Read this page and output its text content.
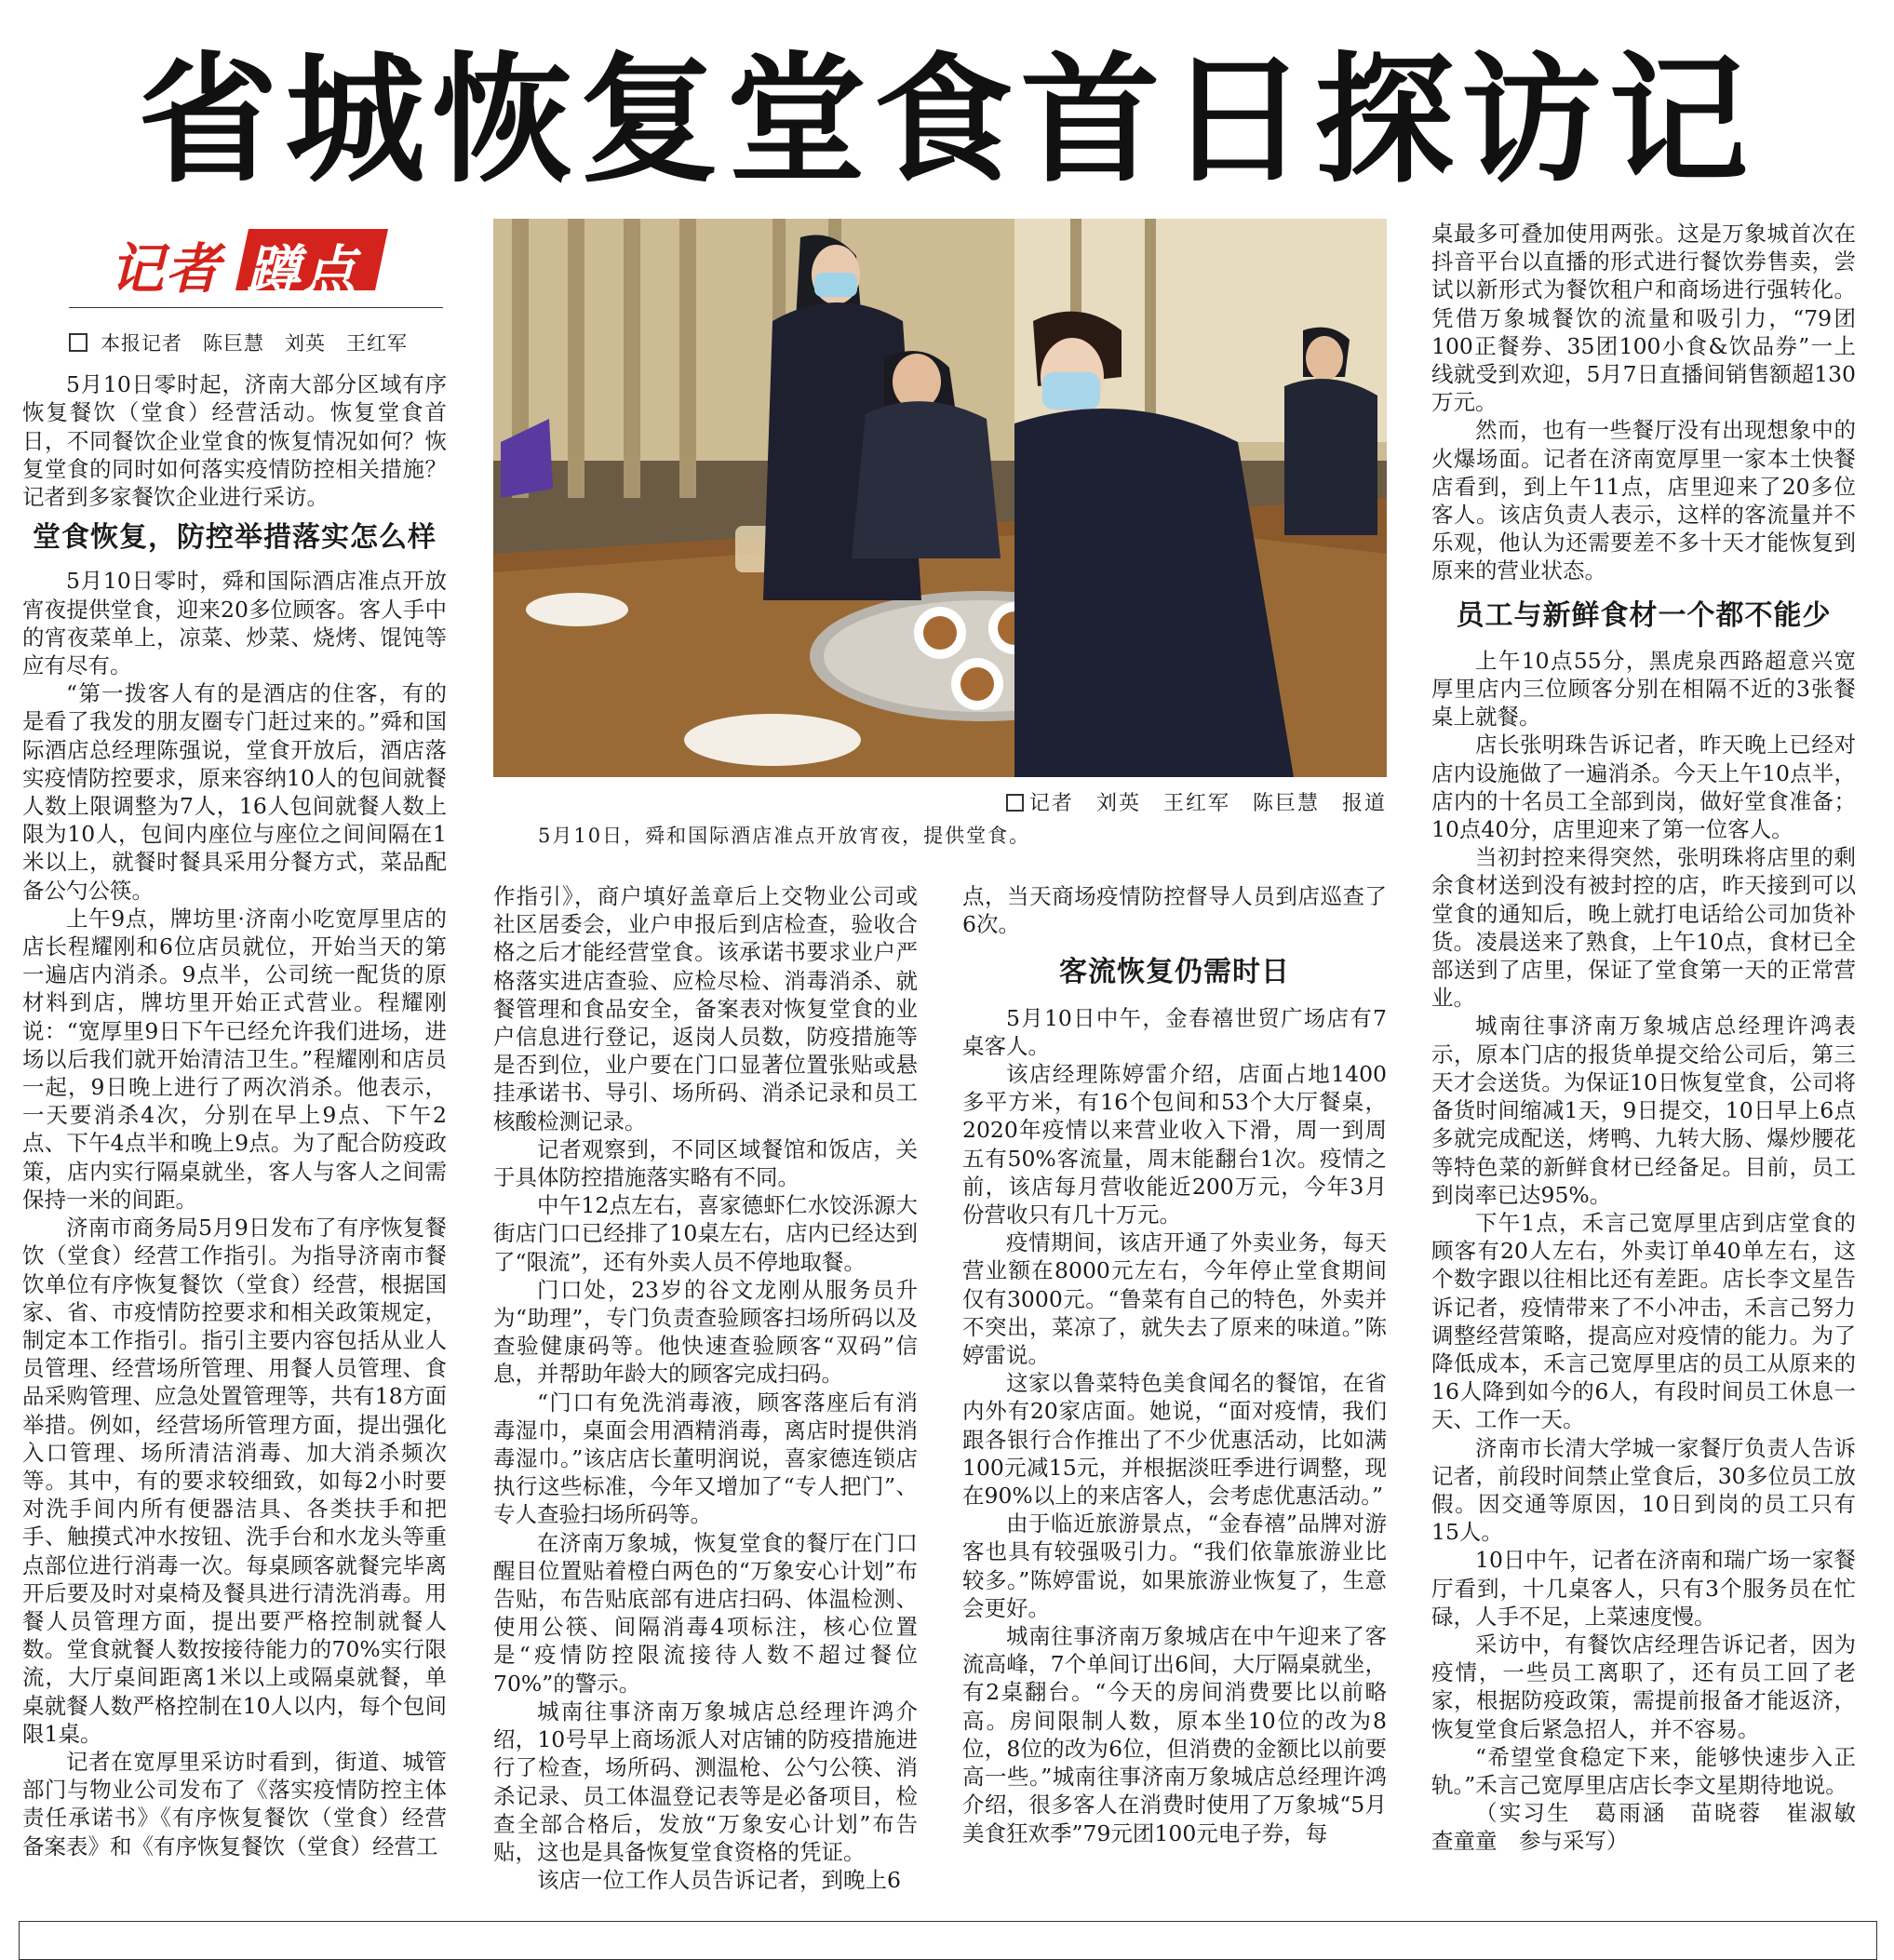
省城恢复堂食首日探访记
记者 蹲点
本报记者　陈巨慧　刘英　王红军

5月10日零时起，济南大部分区域有序恢复餐饮（堂食）经营活动。恢复堂食首日，不同餐饮企业堂食的恢复情况如何？恢复堂食的同时如何落实疫情防控相关措施？记者到多家餐饮企业进行采访。

堂食恢复，防控举措落实怎么样

5月10日零时，舜和国际酒店准点开放宵夜提供堂食，迎来20多位顾客。客人手中的宵夜菜单上，凉菜、炒菜、烧烤、馄饨等应有尽有。

“第一拨客人有的是酒店的住客，有的是看了我发的朋友圈专门赶过来的。”舜和国际酒店总经理陈强说，堂食开放后，酒店落实疫情防控要求，原来容纳10人的包间就餐人数上限调整为7人，16人包间就餐人数上限为10人，包间内座位与座位之间间隔在1米以上，就餐时餐具采用分餐方式，菜品配备公勺公筷。

上午9点，牌坊里·济南小吃宽厚里店的店长程耀刚和6位店员就位，开始当天的第一遍店内消杀。9点半，公司统一配货的原材料到店，牌坊里开始正式营业。程耀刚说：“宽厚里9日下午已经允许我们进场，进场以后我们就开始清洁卫生。”程耀刚和店员一起，9日晚上进行了两次消杀。他表示，一天要消杀4次，分别在早上9点、下午2点、下午4点半和晚上9点。为了配合防疫政策，店内实行隔桌就坐，客人与客人之间需保持一米的间距。

济南市商务局5月9日发布了有序恢复餐饮（堂食）经营工作指引。为指导济南市餐饮单位有序恢复餐饮（堂食）经营，根据国家、省、市疫情防控要求和相关政策规定，制定本工作指引。指引主要内容包括从业人员管理、经营场所管理、用餐人员管理、食品采购管理、应急处置管理等，共有18方面举措。例如，经营场所管理方面，提出强化入口管理、场所清洁消毒、加大消杀频次等。其中，有的要求较细致，如每2小时要对洗手间内所有便器洁具、各类扶手和把手、触摸式冲水按钮、洗手台和水龙头等重点部位进行消毒一次。每桌顾客就餐完毕离开后要及时对桌椅及餐具进行清洗消毒。用餐人员管理方面，提出要严格控制就餐人数。堂食就餐人数按接待能力的70%实行限流，大厅桌间距离1米以上或隔桌就餐，单桌就餐人数严格控制在10人以内，每个包间限1桌。

记者在宽厚里采访时看到，街道、城管部门与物业公司发布了《落实疫情防控主体责任承诺书》《有序恢复餐饮（堂食）经营备案表》和《有序恢复餐饮（堂食）经营工

记者　 刘英　王红军　陈巨慧　 报道
5月10日，舜和国际酒店准点开放宵夜，提供堂食。

作指引》，商户填好盖章后上交物业公司或社区居委会，业户申报后到店检查，验收合格之后才能经营堂食。该承诺书要求业户严格落实进店查验、应检尽检、消毒消杀、就餐管理和食品安全，备案表对恢复堂食的业户信息进行登记，返岗人员数，防疫措施等是否到位，业户要在门口显著位置张贴或悬挂承诺书、导引、场所码、消杀记录和员工核酸检测记录。

记者观察到，不同区域餐馆和饭店，关于具体防控措施落实略有不同。

中午12点左右，喜家德虾仁水饺泺源大街店门口已经排了10桌左右，店内已经达到了“限流”，还有外卖人员不停地取餐。

门口处，23岁的谷文龙刚从服务员升为“助理”，专门负责查验顾客扫场所码以及查验健康码等。他快速查验顾客“双码”信息，并帮助年龄大的顾客完成扫码。

“门口有免洗消毒液，顾客落座后有消毒湿巾，桌面会用酒精消毒，离店时提供消毒湿巾。”该店店长董明润说，喜家德连锁店执行这些标准，今年又增加了“专人把门”、专人查验扫场所码等。

在济南万象城，恢复堂食的餐厅在门口醒目位置贴着橙白两色的“万象安心计划”布告贴，布告贴底部有进店扫码、体温检测、使用公筷、间隔消毒4项标注，核心位置是“疫情防控限流接待人数不超过餐位70%”的警示。

城南往事济南万象城店总经理许鸿介绍，10号早上商场派人对店铺的防疫措施进行了检查，场所码、测温枪、公勺公筷、消杀记录、员工体温登记表等是必备项目，检查全部合格后，发放“万象安心计划”布告贴，这也是具备恢复堂食资格的凭证。

该店一位工作人员告诉记者，到晚上6

点，当天商场疫情防控督导人员到店巡查了6次。

客流恢复仍需时日

5月10日中午，金春禧世贸广场店有7桌客人。

该店经理陈婷雷介绍，店面占地1400多平方米，有16个包间和53个大厅餐桌，2020年疫情以来营业收入下滑，周一到周五有50%客流量，周末能翻台1次。疫情之前，该店每月营收能近200万元，今年3月份营收只有几十万元。

疫情期间，该店开通了外卖业务，每天营业额在8000元左右，今年停止堂食期间仅有3000元。“鲁菜有自己的特色，外卖并不突出，菜凉了，就失去了原来的味道。”陈婷雷说。

这家以鲁菜特色美食闻名的餐馆，在省内外有20家店面。她说，“面对疫情，我们跟各银行合作推出了不少优惠活动，比如满100元减15元，并根据淡旺季进行调整，现在90%以上的来店客人，会考虑优惠活动。”

由于临近旅游景点，“金春禧”品牌对游客也具有较强吸引力。“我们依靠旅游业比较多。”陈婷雷说，如果旅游业恢复了，生意会更好。

城南往事济南万象城店在中午迎来了客流高峰，7个单间订出6间，大厅隔桌就坐，有2桌翻台。“今天的房间消费要比以前略高。房间限制人数，原本坐10位的改为8位，8位的改为6位，但消费的金额比以前要高一些。”城南往事济南万象城店总经理许鸿介绍，很多客人在消费时使用了万象城“5月美食狂欢季”79元团100元电子券，每

桌最多可叠加使用两张。这是万象城首次在抖音平台以直播的形式进行餐饮券售卖，尝试以新形式为餐饮租户和商场进行强转化。凭借万象城餐饮的流量和吸引力，“79团100正餐券、35团100小食&饮品券”一上线就受到欢迎，5月7日直播间销售额超130万元。

然而，也有一些餐厅没有出现想象中的火爆场面。记者在济南宽厚里一家本土快餐店看到，到上午11点，店里迎来了20多位客人。该店负责人表示，这样的客流量并不乐观，他认为还需要差不多十天才能恢复到原来的营业状态。

员工与新鲜食材一个都不能少

上午10点55分，黑虎泉西路超意兴宽厚里店内三位顾客分别在相隔不近的3张餐桌上就餐。

店长张明珠告诉记者，昨天晚上已经对店内设施做了一遍消杀。今天上午10点半，店内的十名员工全部到岗，做好堂食准备；10点40分，店里迎来了第一位客人。

当初封控来得突然，张明珠将店里的剩余食材送到没有被封控的店，昨天接到可以堂食的通知后，晚上就打电话给公司加货补货。凌晨送来了熟食，上午10点，食材已全部送到了店里，保证了堂食第一天的正常营业。

城南往事济南万象城店总经理许鸿表示，原本门店的报货单提交给公司后，第三天才会送货。为保证10日恢复堂食，公司将备货时间缩减1天，9日提交，10日早上6点多就完成配送，烤鸭、九转大肠、爆炒腰花等特色菜的新鲜食材已经备足。目前，员工到岗率已达95%。

下午1点，禾言己宽厚里店到店堂食的顾客有20人左右，外卖订单40单左右，这个数字跟以往相比还有差距。店长李文星告诉记者，疫情带来了不小冲击，禾言己努力调整经营策略，提高应对疫情的能力。为了降低成本，禾言己宽厚里店的员工从原来的16人降到如今的6人，有段时间员工休息一天、工作一天。

济南市长清大学城一家餐厅负责人告诉记者，前段时间禁止堂食后，30多位员工放假。因交通等原因，10日到岗的员工只有15人。

10日中午，记者在济南和瑞广场一家餐厅看到，十几桌客人，只有3个服务员在忙碌，人手不足，上菜速度慢。

采访中，有餐饮店经理告诉记者，因为疫情，一些员工离职了，还有员工回了老家，根据防疫政策，需提前报备才能返济，恢复堂食后紧急招人，并不容易。

“希望堂食稳定下来，能够快速步入正轨。”禾言己宽厚里店店长李文星期待地说。

（实习生　葛雨涵　苗晓蓉　崔淑敏　查童童　参与采写）
